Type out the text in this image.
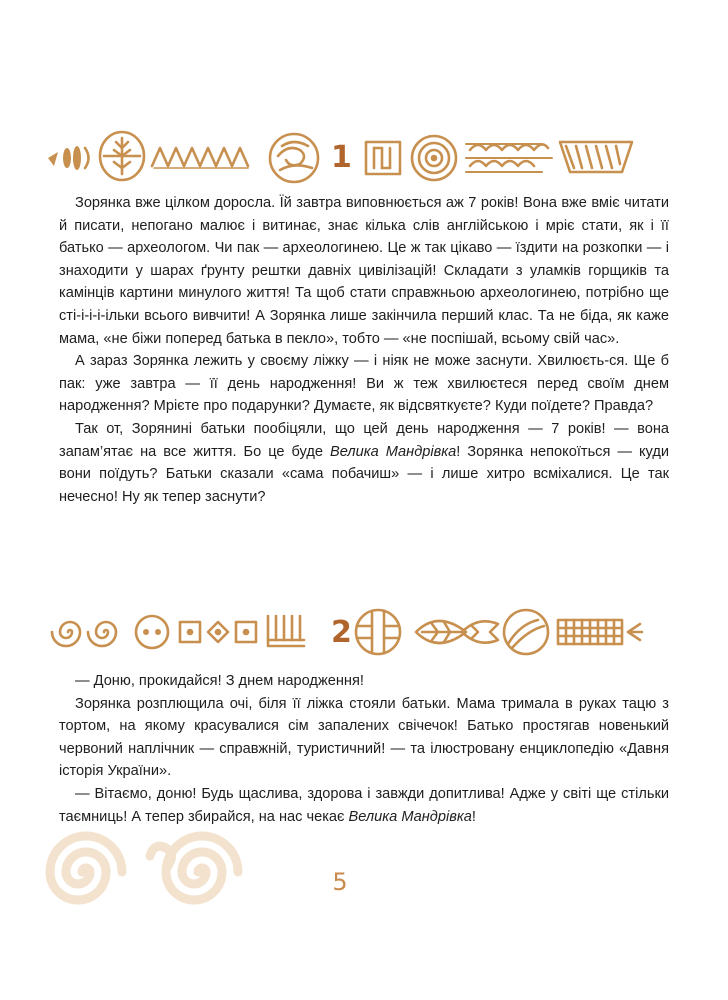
1

Зорянка вже цілком доросла. Їй завтра виповнюється аж 7 років! Вона вже вміє читати й писати, непогано малює і витинає, знає кілька слів англійською і мріє стати, як і її батько — археологом. Чи пак — археологинею. Це ж так цікаво — їздити на розкопки — і знаходити у шарах ґрунту рештки давніх цивілізацій! Складати з уламків горщиків та камінців картини минулого життя! Та щоб стати справжньою археологинею, потрібно ще сті-і-і-і-ільки всього вивчити! А Зорянка лише закінчила перший клас. Та не біда, як каже мама, «не біжи поперед батька в пекло», тобто — «не поспішай, всьому свій час».

А зараз Зорянка лежить у своєму ліжку — і ніяк не може заснути. Хвилюєть-ся. Ще б пак: уже завтра — її день народження! Ви ж теж хвилюєтеся перед своїм днем народження? Мрієте про подарунки? Думаєте, як відсвяткуєте? Куди поїдете? Правда?

Так от, Зорянині батьки пообіцяли, що цей день народження — 7 років! — вона запам’ятає на все життя. Бо це буде Велика Мандрівка! Зорянка непокоїться — куди вони поїдуть? Батьки сказали «сама побачиш» — і лише хитро всміхалися. Це так нечесно! Ну як тепер заснути?

2

— Доню, прокидайся! З днем народження!

Зорянка розплющила очі, біля її ліжка стояли батьки. Мама тримала в руках тацю з тортом, на якому красувалися сім запалених свічечок! Батько простягав новенький червоний наплічник — справжній, туристичний! — та ілюстровану енциклопедію «Давня історія України».

— Вітаємо, доню! Будь щаслива, здорова і завжди допитлива! Адже у світі ще стільки таємниць! А тепер збирайся, на нас чекає Велика Мандрівка!

5
